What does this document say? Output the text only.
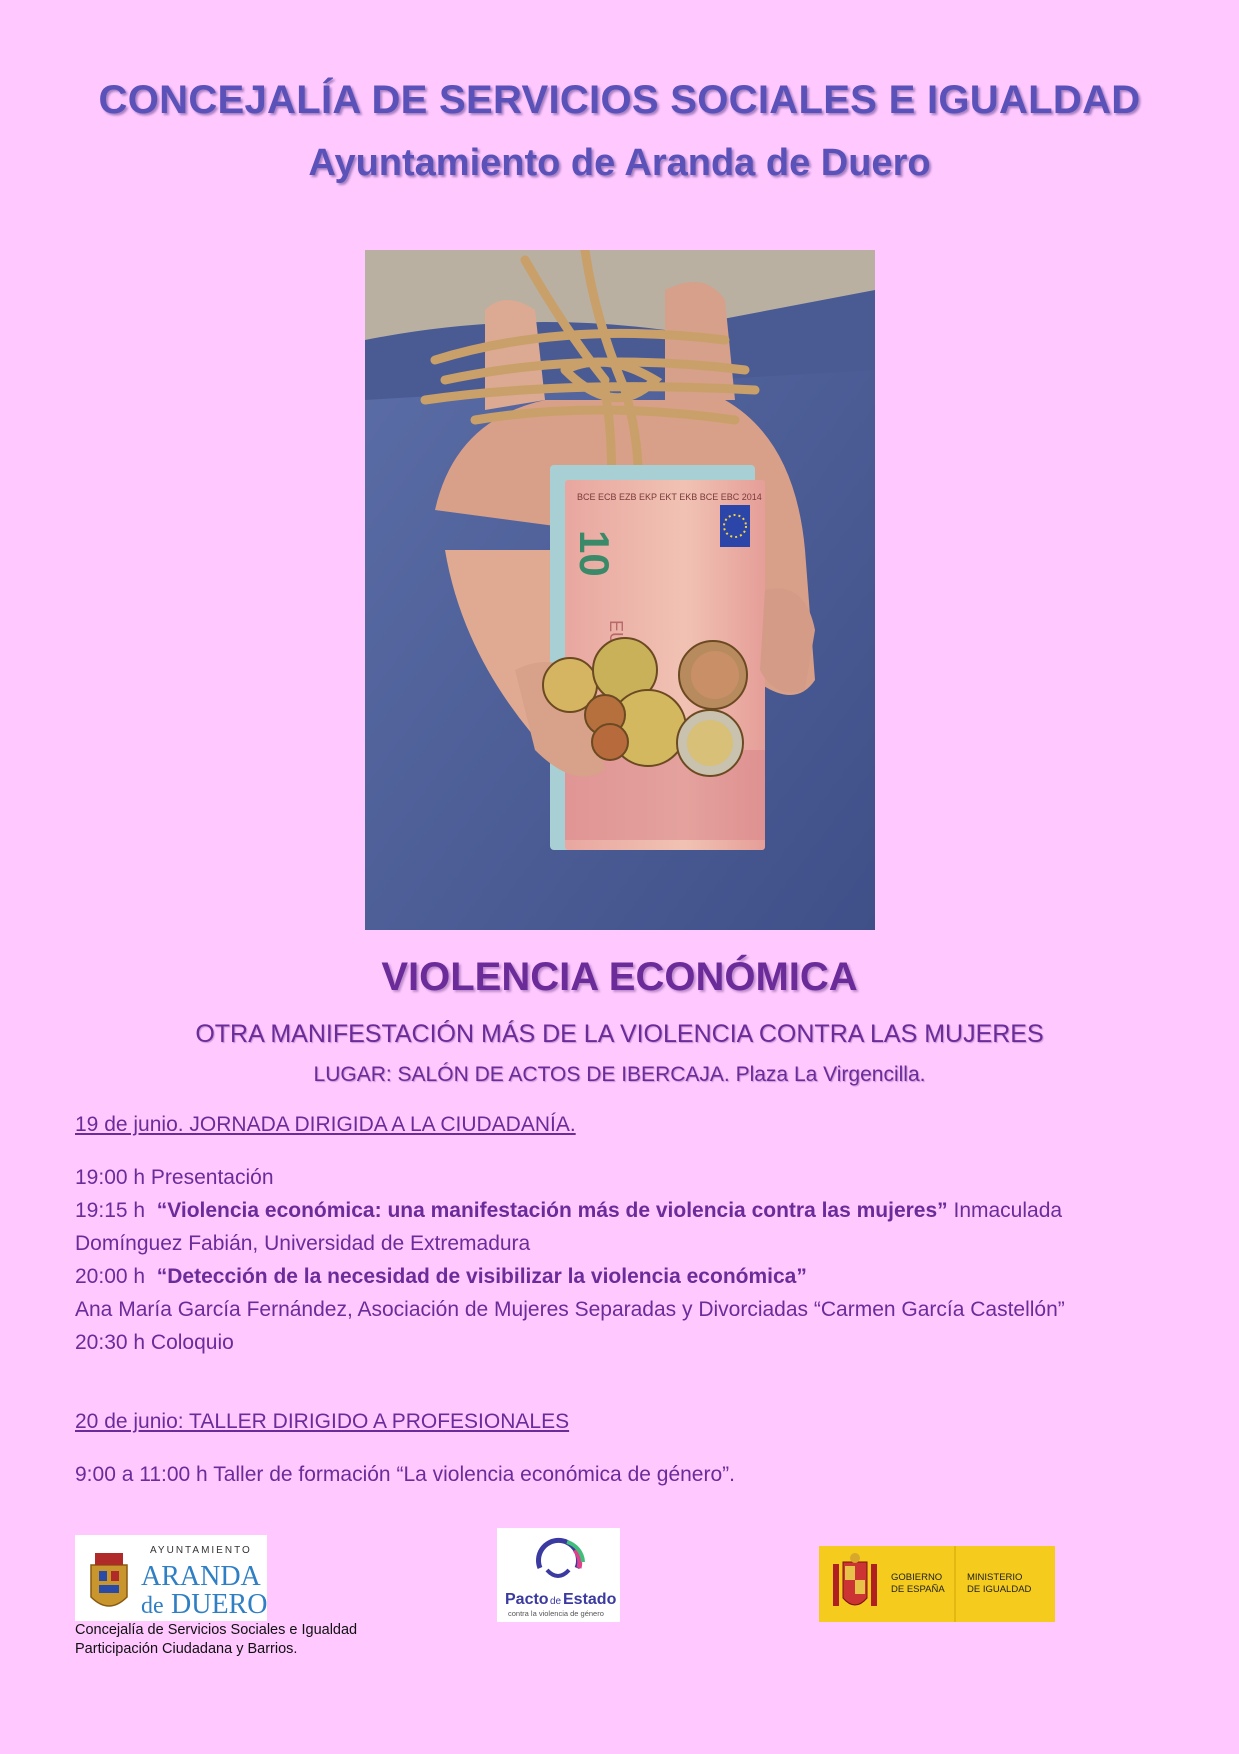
CONCEJALÍA DE SERVICIOS SOCIALES E IGUALDAD
Ayuntamiento de Aranda de Duero
BCE ECB EZB EKP EKT EKB BCE EBC 2014
10
VIOLENCIA ECONÓMICA
OTRA MANIFESTACIÓN MÁS DE LA VIOLENCIA CONTRA LAS MUJERES
LUGAR: SALÓN DE ACTOS DE IBERCAJA. Plaza La Virgencilla.
19 de junio. JORNADA DIRIGIDA A LA CIUDADANÍA.
19:00 h Presentación
19:15 h “Violencia económica: una manifestación más de violencia contra las mujeres” Inmaculada Domínguez Fabián, Universidad de Extremadura
20:00 h “Detección de la necesidad de visibilizar la violencia económica”
Ana María García Fernández, Asociación de Mujeres Separadas y Divorciadas “Carmen García Castellón”
20:30 h Coloquio
20 de junio: TALLER DIRIGIDO A PROFESIONALES
9:00 a 11:00 h Taller de formación “La violencia económica de género”.
AYUNTAMIENTO
ARANDA
de DUERO
Concejalía de Servicios Sociales e Igualdad
Participación Ciudadana y Barrios.
Pacto de Estado
contra la violencia de género
GOBIERNO
DE ESPAÑA
MINISTERIO
DE IGUALDAD
